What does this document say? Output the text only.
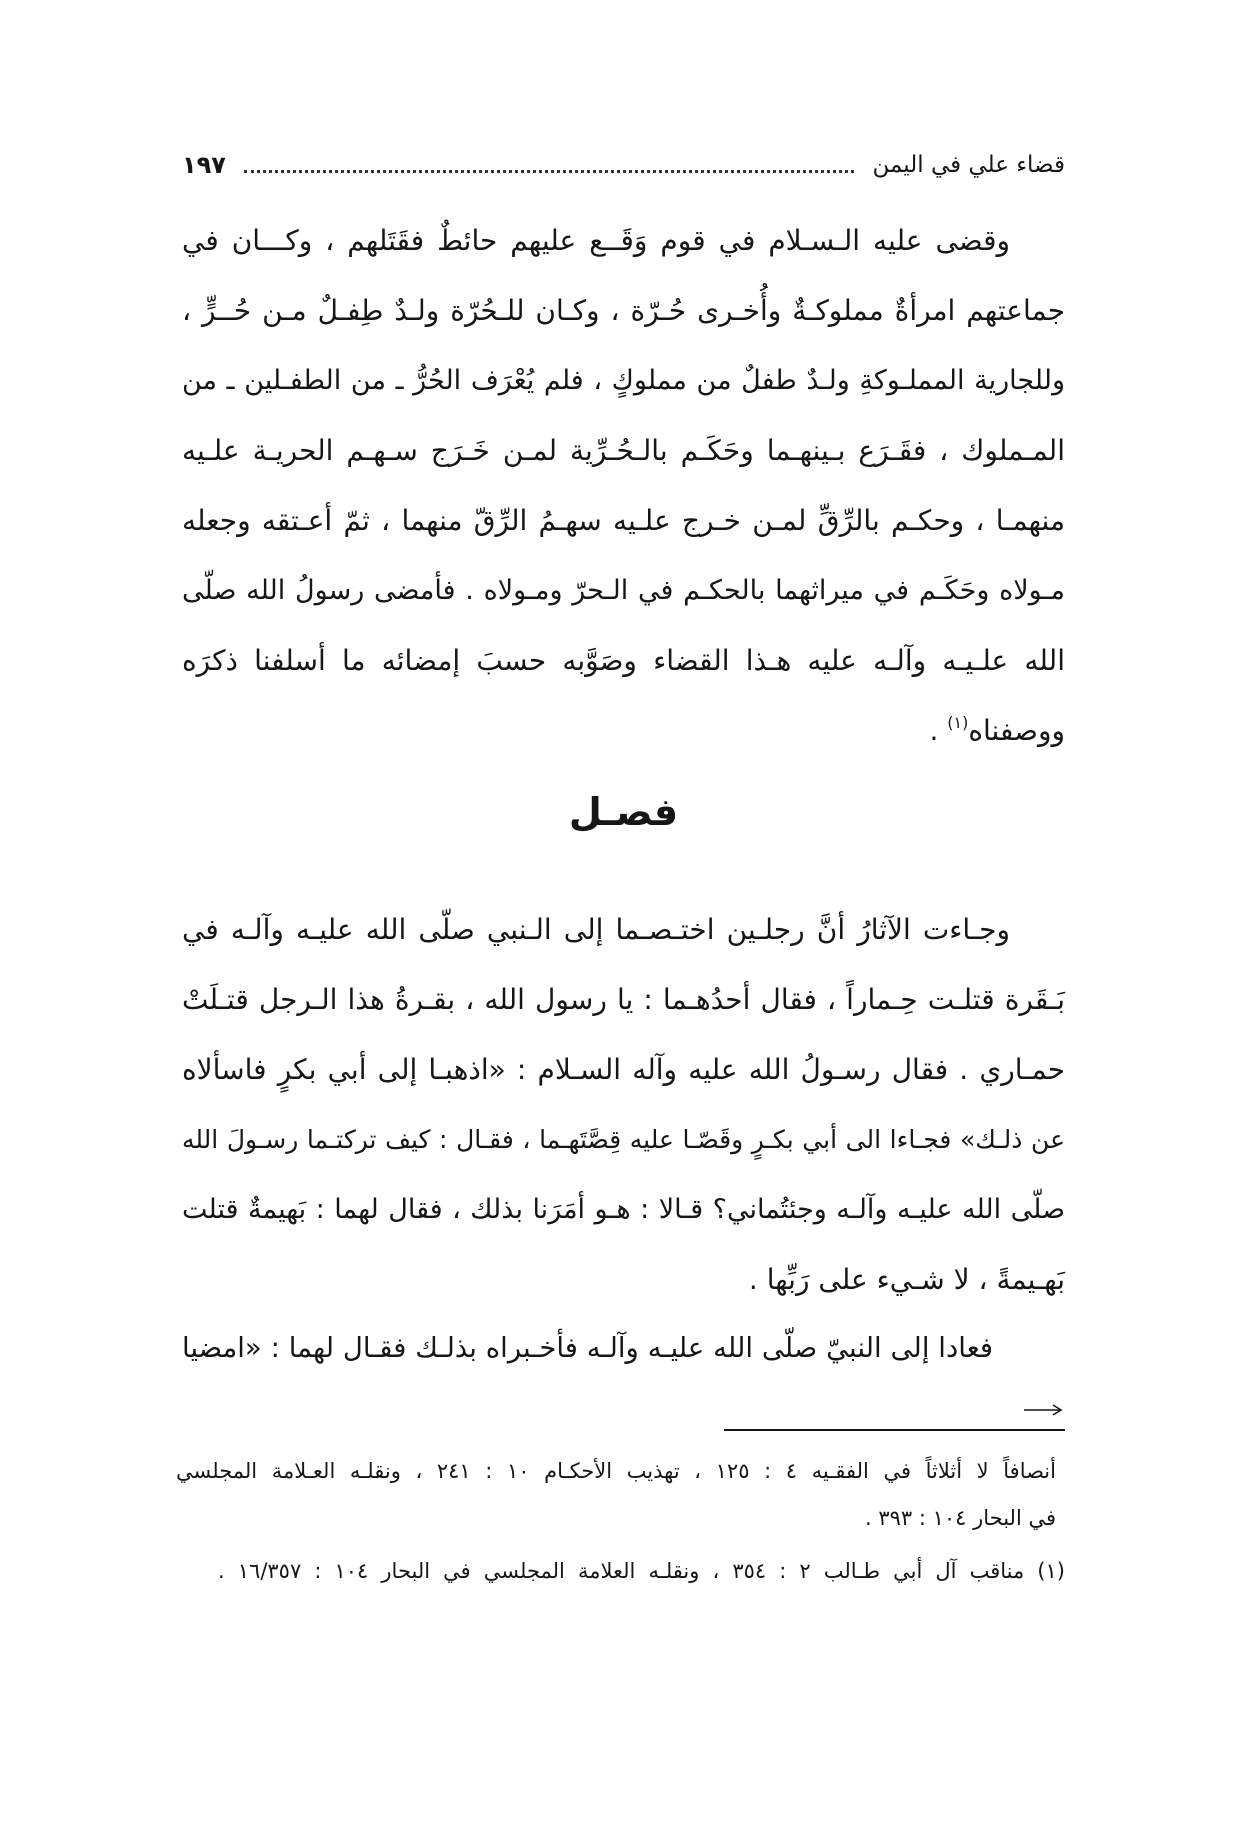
قضاء علي في اليمن
١٩٧
وقضى عليه الـسـلام في قوم وَقَــع عليهم حائطٌ فقَتَلهم ، وكـــان في
جماعتهم امرأةٌ مملوكـةٌ وأُخـرى حُـرّة ، وكـان للـحُرّة ولـدٌ طِفـلٌ مـن حُــرٍّ ،
وللجارية المملـوكةِ ولـدٌ طفلٌ من مملوكٍ ، فلم يُعْرَف الحُرُّ ـ من الطفـلين ـ من
المـملوك ، فقَـرَع بـينهـما وحَكَـم بالـحُـرِّية لمـن خَـرَج سـهـم الحريـة علـيه
منهمـا ، وحكـم بالرِّقِّ لمـن خـرج علـيه سهـمُ الرِّقّ منهما ، ثمّ أعـتقه وجعله
مـولاه وحَكَـم في ميراثهما بالحكـم في الـحرّ ومـولاه . فأمضى رسولُ الله صلّى
الله علـيـه وآلـه عليه هـذا القضاء وصَوَّبه حسبَ إمضائه ما أسلفنا ذكرَه
ووصفناه$^{(١)}$ .
فصـل
وجـاءت الآثارُ أنَّ رجلـين اختـصـما إلى الـنبي صلّى الله عليـه وآلـه في
بَـقَرة قتلـت حِـماراً ، فقال أحدُهـما : يا رسول الله ، بقـرةُ هذا الـرجل قتـلَتْ
حمـاري . فقال رسـولُ الله عليه وآله السـلام : «اذهبـا إلى أبي بكرٍ فاسألاه
عن ذلـك» فجـاءا الى أبي بكـرٍ وقَصّـا عليه قِصَّتَهـما ، فقـال : كيف تركتـما رسـولَ الله
صلّى الله عليـه وآلـه وجئتُماني؟ قـالا : هـو أمَرَنا بذلك ، فقال لهما : بَهيمةٌ قتلت
بَهـيمةً ، لا شـيء على رَبِّها .
فعادا إلى النبيّ صلّى الله عليـه وآلـه فأخـبراه بذلـك فقـال لهما : «امضيا
أنصافاً لا أثلاثاً في الفقـيه ٤ : ١٢٥ ، تهذيب الأحكـام ١٠ : ٢٤١ ، ونقلـه العـلامة المجلسي
في البحار ١٠٤ : ٣٩٣ .
(١) مناقب آل أبي طـالب ٢ : ٣٥٤ ، ونقلـه العلامة المجلسي في البحار ١٠٤ : ١٦/٣٥٧ .
